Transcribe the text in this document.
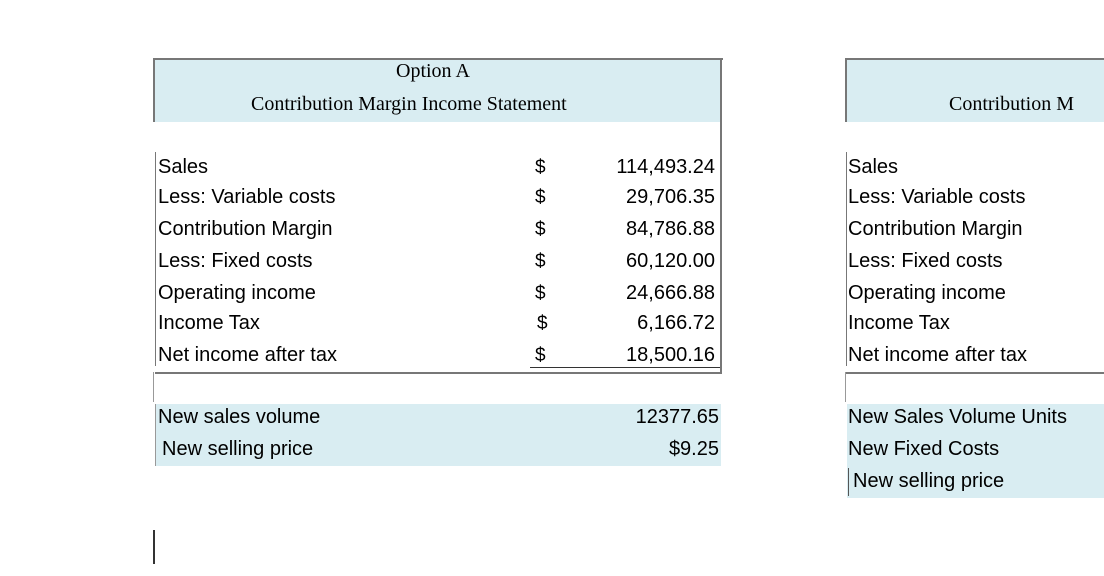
Option A
Contribution Margin Income Statement
Sales
Less: Variable costs
Contribution Margin
Less: Fixed costs
Operating income
Income Tax
Net income after tax
$
$
$
$
$
$
$
114,493.24
29,706.35
84,786.88
60,120.00
24,666.88
6,166.72
18,500.16
New sales volume
New selling price
12377.65
$9.25
Contribution M
Sales
Less: Variable costs
Contribution Margin
Less: Fixed costs
Operating income
Income Tax
Net income after tax
New Sales Volume Units
New Fixed Costs
New selling price
